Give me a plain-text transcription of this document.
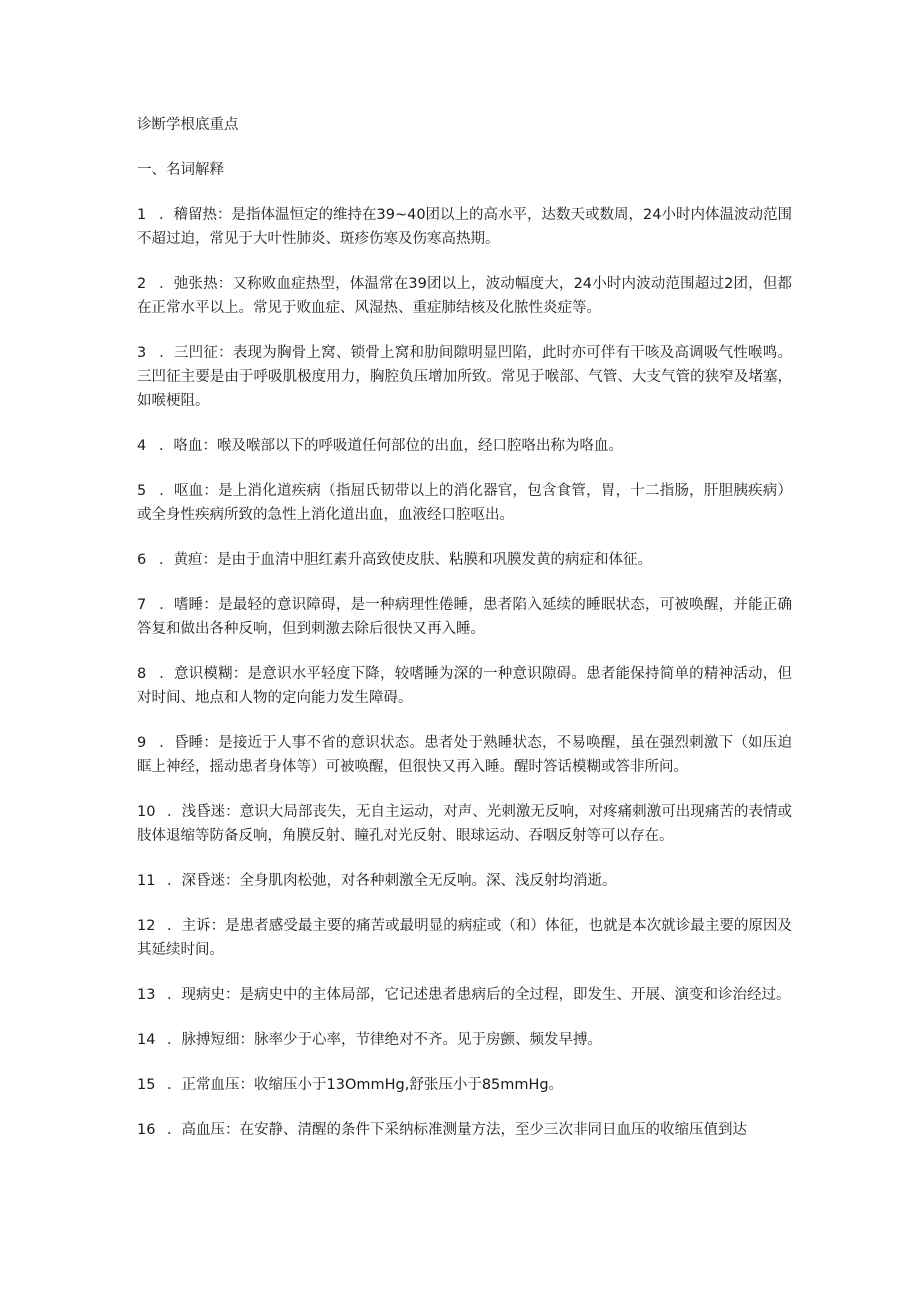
诊断学根底重点

一、名词解释

1 ．稽留热：是指体温恒定的维持在39~40团以上的高水平，达数天或数周，24小时内体温波动范围不超过迫，常见于大叶性肺炎、斑疹伤寒及伤寒高热期。

2 ．弛张热：又称败血症热型，体温常在39团以上，波动幅度大，24小时内波动范围超过2团，但都在正常水平以上。常见于败血症、风湿热、重症肺结核及化脓性炎症等。

3 ．三凹征：表现为胸骨上窝、锁骨上窝和肋间隙明显凹陷，此时亦可伴有干咳及高调吸气性喉鸣。三凹征主要是由于呼吸肌极度用力，胸腔负压增加所致。常见于喉部、气管、大支气管的狭窄及堵塞，如喉梗阻。

4 ．咯血：喉及喉部以下的呼吸道任何部位的出血，经口腔咯出称为咯血。

5 ．呕血：是上消化道疾病（指屈氏韧带以上的消化器官，包含食管，胃，十二指肠，肝胆胰疾病）或全身性疾病所致的急性上消化道出血，血液经口腔呕出。

6 ．黄疸：是由于血清中胆红素升高致使皮肤、粘膜和巩膜发黄的病症和体征。

7 ．嗜睡：是最轻的意识障碍，是一种病理性倦睡，患者陷入延续的睡眠状态，可被唤醒，并能正确答复和做出各种反响，但到刺激去除后很快又再入睡。

8 ．意识模糊：是意识水平轻度下降，较嗜睡为深的一种意识隙碍。患者能保持简单的精神活动，但对时间、地点和人物的定向能力发生障碍。

9 ．昏睡：是接近于人事不省的意识状态。患者处于熟睡状态，不易唤醒，虽在强烈刺激下（如压迫眶上神经，摇动患者身体等）可被唤醒，但很快又再入睡。醒时答话模糊或答非所问。

10 ．浅昏迷：意识大局部丧失，无自主运动，对声、光刺激无反响，对疼痛刺激可出现痛苦的表情或肢体退缩等防备反响，角膜反射、瞳孔对光反射、眼球运动、吞咽反射等可以存在。

11 ．深昏迷：全身肌肉松弛，对各种刺激全无反响。深、浅反射均消逝。

12 ．主诉：是患者感受最主要的痛苦或最明显的病症或（和）体征，也就是本次就诊最主要的原因及其延续时间。

13 ．现病史：是病史中的主体局部，它记述患者患病后的全过程，即发生、开展、演变和诊治经过。

14 ．脉搏短细：脉率少于心率，节律绝对不齐。见于房颤、频发早搏。

15 ．正常血压：收缩压小于13OmmHg,舒张压小于85mmHg。

16 ．高血压：在安静、清醒的条件下采纳标准测量方法，至少三次非同日血压的收缩压值到达
